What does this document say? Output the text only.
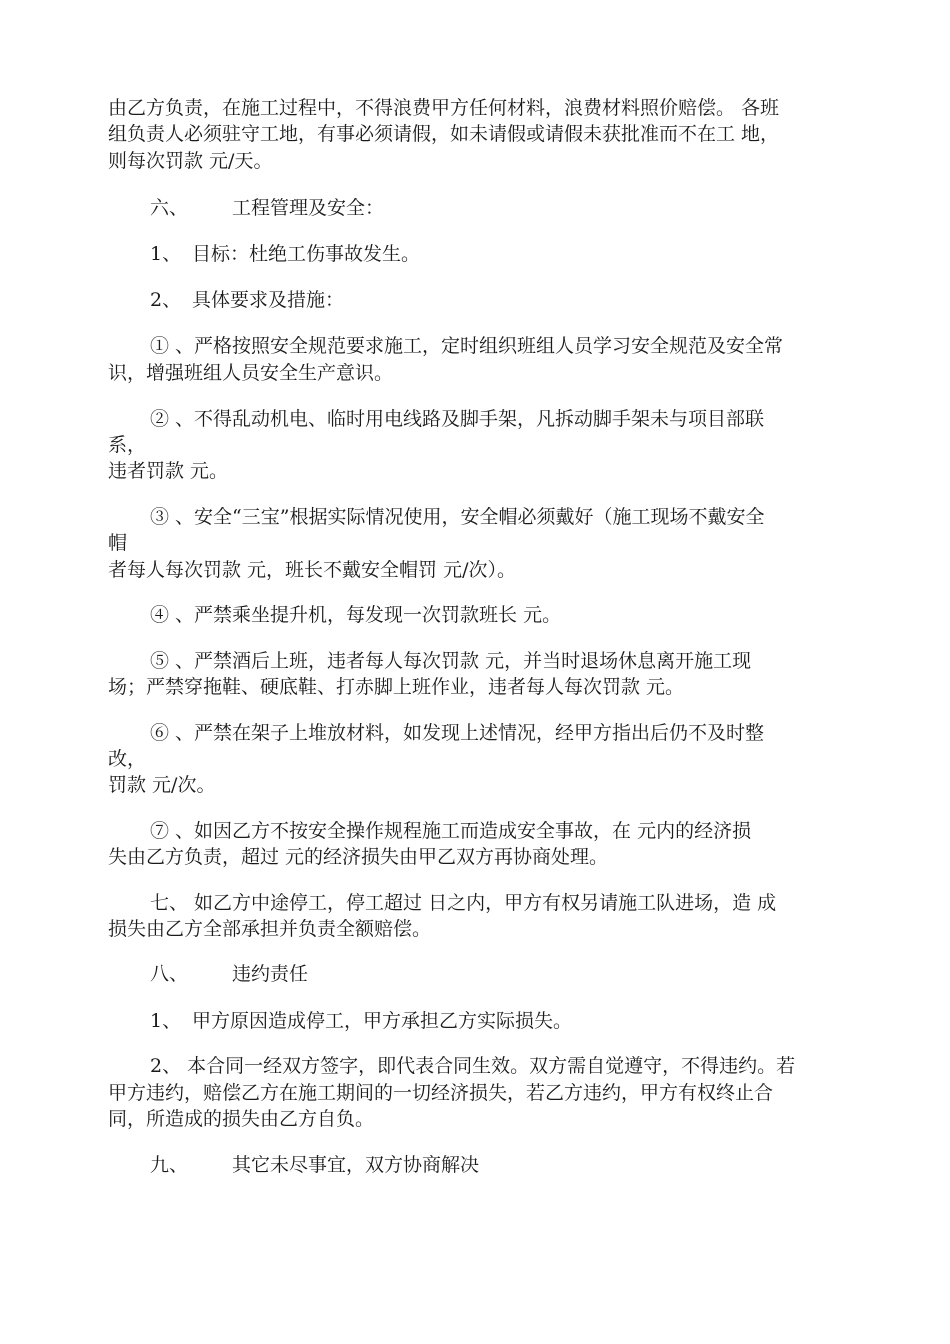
由乙方负责，在施工过程中，不得浪费甲方任何材料，浪费材料照价赔偿。 各班
组负责人必须驻守工地，有事必须请假，如未请假或请假未获批准而不在工 地，
则每次罚款 元/天。
六、 工程管理及安全：
1、 目标：杜绝工伤事故发生。
2、 具体要求及措施：
① 、严格按照安全规范要求施工，定时组织班组人员学习安全规范及安全常
识，增强班组人员安全生产意识。
② 、不得乱动机电、临时用电线路及脚手架，凡拆动脚手架未与项目部联
系，
违者罚款 元。
③ 、安全“三宝”根据实际情况使用，安全帽必须戴好（施工现场不戴安全
帽
者每人每次罚款 元，班长不戴安全帽罚 元/次）。
④ 、严禁乘坐提升机，每发现一次罚款班长 元。
⑤ 、严禁酒后上班，违者每人每次罚款 元，并当时退场休息离开施工现
场；严禁穿拖鞋、硬底鞋、打赤脚上班作业，违者每人每次罚款 元。
⑥ 、严禁在架子上堆放材料，如发现上述情况，经甲方指出后仍不及时整
改，
罚款 元/次。
⑦ 、如因乙方不按安全操作规程施工而造成安全事故，在 元内的经济损
失由乙方负责，超过 元的经济损失由甲乙双方再协商处理。
七、 如乙方中途停工，停工超过 日之内，甲方有权另请施工队进场，造 成
损失由乙方全部承担并负责全额赔偿。
八、 违约责任
1、 甲方原因造成停工，甲方承担乙方实际损失。
2、 本合同一经双方签字，即代表合同生效。双方需自觉遵守，不得违约。若
甲方违约，赔偿乙方在施工期间的一切经济损失，若乙方违约，甲方有权终止合
同，所造成的损失由乙方自负。
九、 其它未尽事宜，双方协商解决
